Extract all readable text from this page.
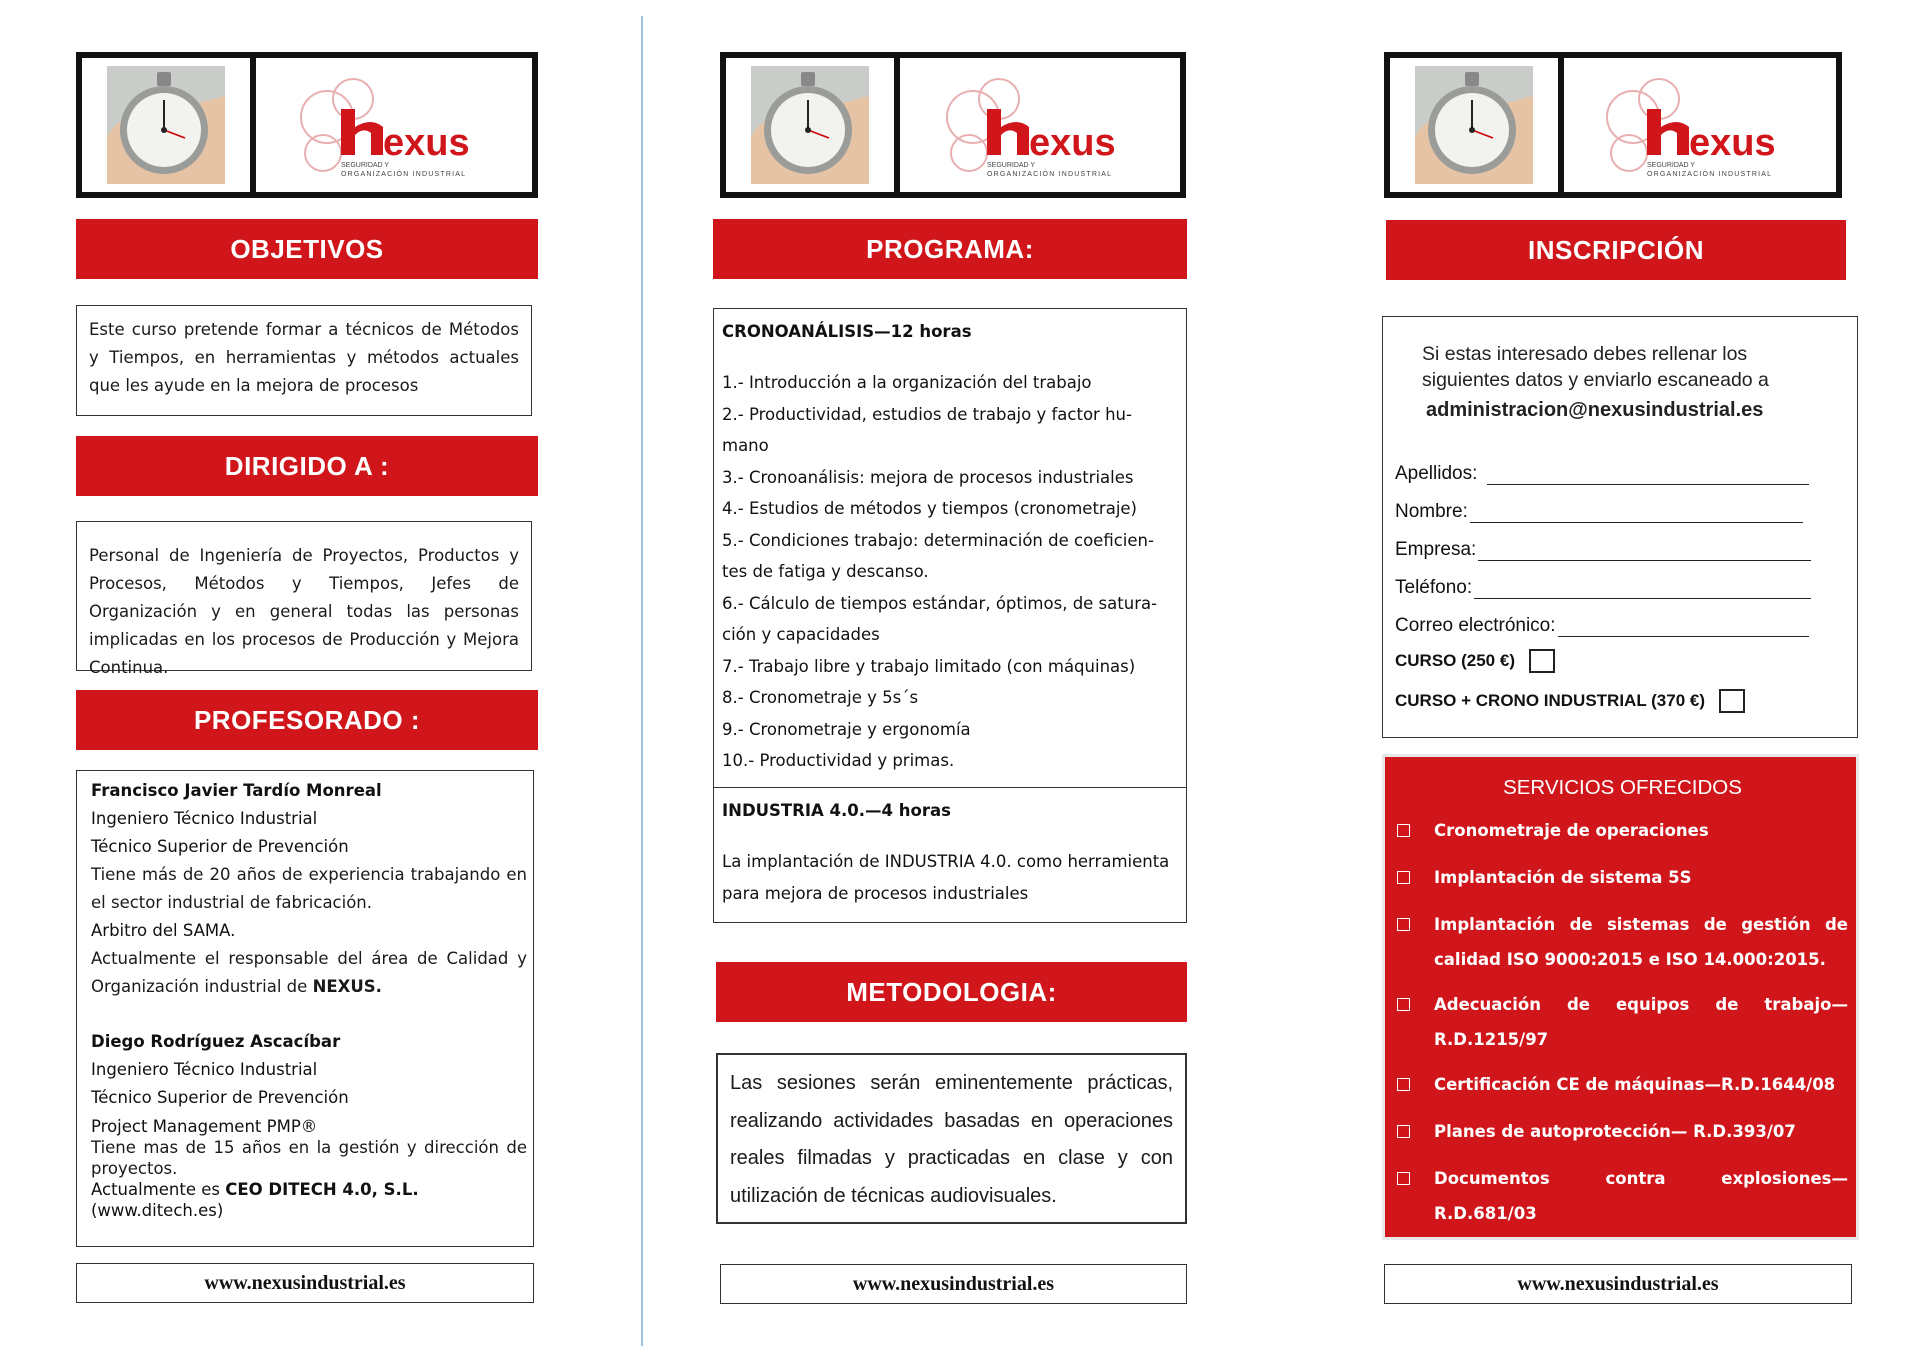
exus
SEGURIDAD Y
ORGANIZACIÓN INDUSTRIAL
OBJETIVOS

Este curso pretende formar a técnicos de Métodos y Tiempos, en herramientas y métodos actuales que les ayude en la mejora de procesos

DIRIGIDO A :

Personal de Ingeniería de Proyectos, Productos y Procesos, Métodos y Tiempos, Jefes de Organización y en general todas las personas implicadas en los procesos de Producción y Mejora Continua.

PROFESORADO :

Francisco Javier Tardío Monreal

Ingeniero Técnico Industrial

Técnico Superior de Prevención

Tiene más de 20 años de experiencia trabajando en el sector industrial de fabricación.

Arbitro del SAMA.

Actualmente el responsable del área de Calidad y Organización industrial de NEXUS.

Diego Rodríguez Ascacíbar

Ingeniero Técnico Industrial

Técnico Superior de Prevención

Project Management PMP®

Tiene mas de 15 años en la gestión y dirección de proyectos.

Actualmente es CEO DITECH 4.0, S.L.

(www.ditech.es)

www.nexusindustrial.es
exus
SEGURIDAD Y
ORGANIZACIÓN INDUSTRIAL
PROGRAMA:

CRONOANÁLISIS—12 horas

1.- Introducción a la organización del trabajo

2.- Productividad, estudios de trabajo y factor hu-

mano

3.- Cronoanálisis: mejora de procesos industriales

4.- Estudios de métodos y tiempos (cronometraje)

5.- Condiciones trabajo: determinación de coeficien-

tes de fatiga y descanso.

6.- Cálculo de tiempos estándar, óptimos, de satura-

ción y capacidades

7.- Trabajo libre y trabajo limitado (con máquinas)

8.- Cronometraje y 5s´s

9.- Cronometraje y ergonomía

10.- Productividad y primas.

INDUSTRIA 4.0.—4 horas

La implantación de INDUSTRIA 4.0. como herramienta

para mejora de procesos industriales

METODOLOGIA:

Las sesiones serán eminentemente prácticas, realizando actividades basadas en operaciones reales filmadas y practicadas en clase y con utilización de técnicas audiovisuales.

www.nexusindustrial.es
exus
SEGURIDAD Y
ORGANIZACIÓN INDUSTRIAL
INSCRIPCIÓN

Si estas interesado debes rellenar los

siguientes datos y enviarlo escaneado a

administracion@nexusindustrial.es

Apellidos:
Nombre:
Empresa:
Teléfono:
Correo electrónico:
CURSO (250 €)
CURSO + CRONO INDUSTRIAL (370 €)

SERVICIOS OFRECIDOS

Cronometraje de operaciones
Implantación de sistema 5S
Implantación de sistemas de gestión de calidad ISO 9000:2015 e ISO 14.000:2015.
Adecuación de equipos de trabajo—R.D.1215/97
Certificación CE de máquinas—R.D.1644/08
Planes de autoprotección— R.D.393/07
Documentos contra explosiones—R.D.681/03
www.nexusindustrial.es
